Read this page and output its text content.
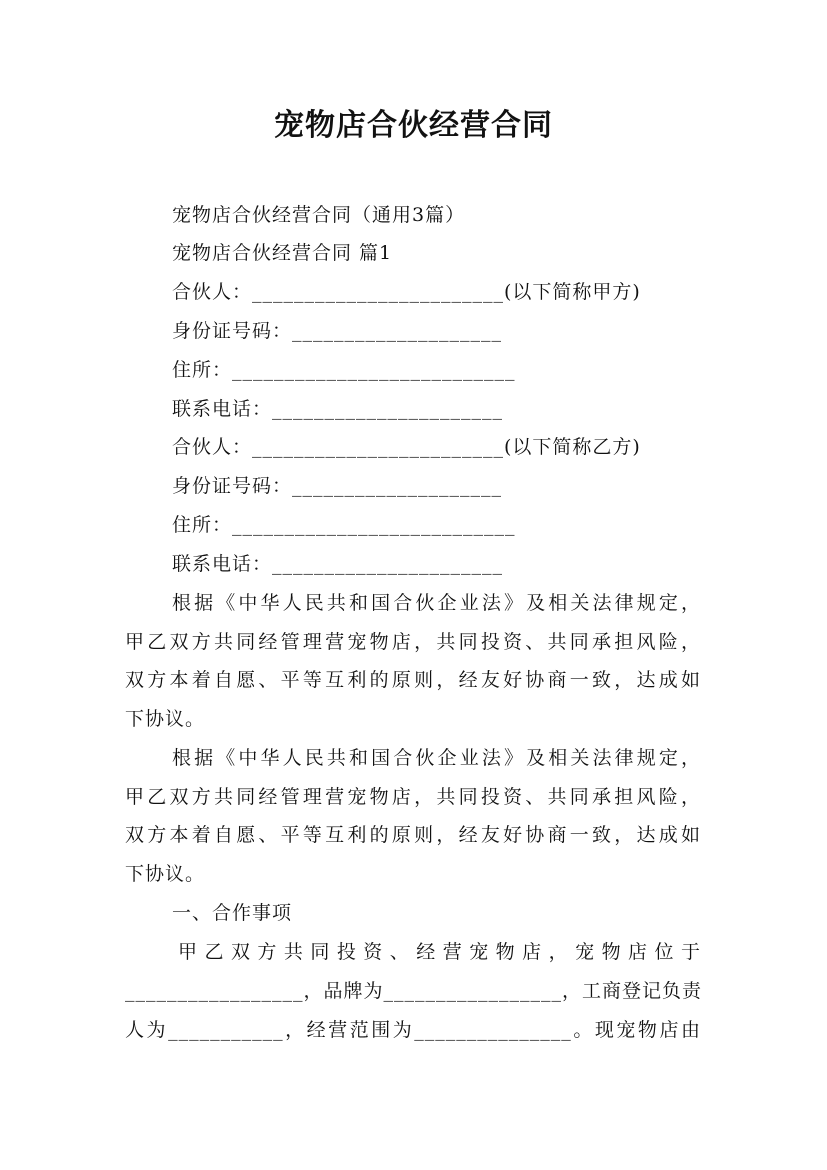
宠物店合伙经营合同
宠物店合伙经营合同（通用3篇）
宠物店合伙经营合同 篇1
合伙人：________________________(以下简称甲方)
身份证号码：____________________
住所：___________________________
联系电话：______________________
合伙人：________________________(以下简称乙方)
身份证号码：____________________
住所：___________________________
联系电话：______________________
根据《中华人民共和国合伙企业法》及相关法律规定，
甲乙双方共同经管理营宠物店，共同投资、共同承担风险，
双方本着自愿、平等互利的原则，经友好协商一致，达成如
下协议。
根据《中华人民共和国合伙企业法》及相关法律规定，
甲乙双方共同经管理营宠物店，共同投资、共同承担风险，
双方本着自愿、平等互利的原则，经友好协商一致，达成如
下协议。
一、合作事项
甲乙双方共同投资、经营宠物店，宠物店位于
_________________，品牌为_________________，工商登记负责
人为___________，经营范围为_______________。现宠物店由
